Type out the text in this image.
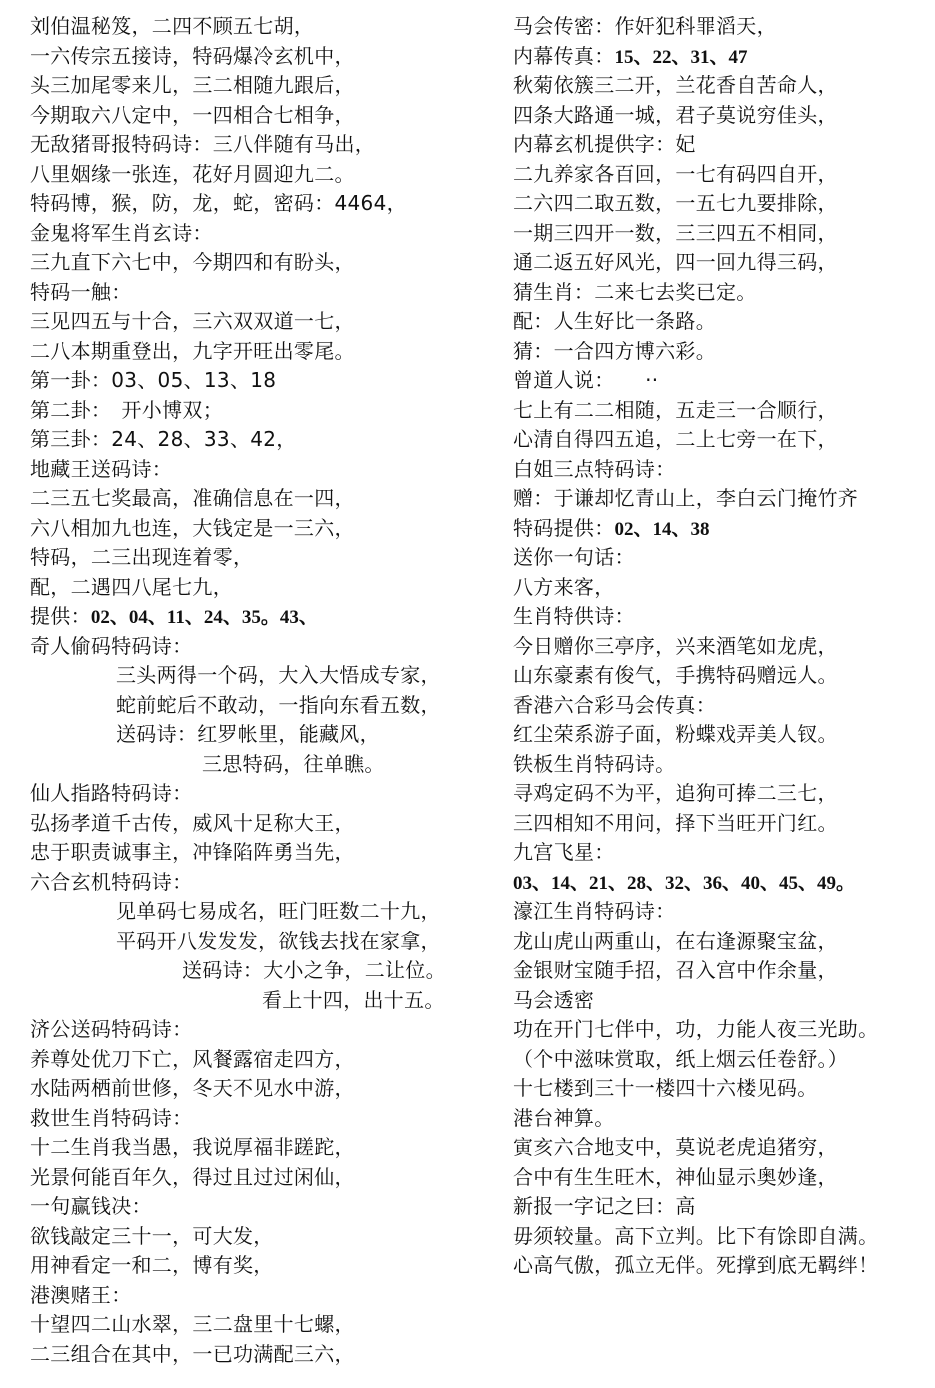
刘伯温秘笈，二四不顾五七胡，
一六传宗五接诗，特码爆冷玄机中，
头三加尾零来儿，三二相随九跟后，
今期取六八定中，一四相合七相争，
无敌猪哥报特码诗：三八伴随有马出，
八里姻缘一张连，花好月圆迎九二。
特码博，猴，防，龙，蛇，密码：4464，
金鬼将军生肖玄诗：
三九直下六七中，今期四和有盼头，
特码一触：
三见四五与十合，三六双双道一七，
二八本期重登出，九字开旺出零尾。
第一卦：03、05、13、18
第二卦：　开小博双；
第三卦：24、28、33、42，
地藏王送码诗：
二三五七奖最高，准确信息在一四，
六八相加九也连，大钱定是一三六，
特码，二三出现连着零，
配，二遇四八尾七九，
提供：02、04、11、24、35。43、
奇人偷码特码诗：
三头两得一个码，大入大悟成专家，
蛇前蛇后不敢动，一指向东看五数，
送码诗：红罗帐里，能藏风，
三思特码，往单瞧。
仙人指路特码诗：
弘扬孝道千古传，威风十足称大王，
忠于职责诚事主，冲锋陷阵勇当先，
六合玄机特码诗：
见单码七易成名，旺门旺数二十九，
平码开八发发发，欲钱去找在家拿，
送码诗：大小之争，二让位。
看上十四，出十五。
济公送码特码诗：
养尊处优刀下亡，风餐露宿走四方，
水陆两栖前世修，冬天不见水中游，
救世生肖特码诗：
十二生肖我当愚，我说厚福非蹉跎，
光景何能百年久，得过且过过闲仙，
一句赢钱决：
欲钱敲定三十一，可大发，
用神看定一和二，博有奖，
港澳赌王：
十望四二山水翠，三二盘里十七螺，
二三组合在其中，一已功满配三六，
马会传密：作奸犯科罪滔天，
内幕传真：15、22、31、47
秋菊依簇三二开，兰花香自苦命人，
四条大路通一城，君子莫说穷佳头，
内幕玄机提供字：妃
二九养家各百回，一七有码四自开，
二六四二取五数，一五七九要排除，
一期三四开一数，三三四五不相同，
通二返五好风光，四一回九得三码，
猜生肖：二来七去奖已定。
配：人生好比一条路。
猜：一合四方博六彩。
曾道人说：　　··
七上有二二相随，五走三一合顺行，
心清自得四五追，二上七旁一在下，
白姐三点特码诗：
赠：于谦却忆青山上，李白云门掩竹齐
特码提供：02、14、38
送你一句话：
八方来客，
生肖特供诗：
今日赠你三亭序，兴来酒笔如龙虎，
山东豪素有俊气，手携特码赠远人。
香港六合彩马会传真：
红尘荣系游子面，粉蝶戏弄美人钗。
铁板生肖特码诗。
寻鸡定码不为平，追狗可捧二三七，
三四相知不用问，择下当旺开门红。
九宫飞星：
03、14、21、28、32、36、40、45、49。
濠江生肖特码诗：
龙山虎山两重山，在右逢源聚宝盆，
金银财宝随手招，召入宫中作余量，
马会透密
功在开门七伴中，功，力能人夜三光助。
（个中滋味赏取，纸上烟云任卷舒。）
十七楼到三十一楼四十六楼见码。
港台神算。
寅亥六合地支中，莫说老虎追猪穷，
合中有生生旺木，神仙显示奥妙逢，
新报一字记之曰：高
毋须较量。高下立判。比下有馀即自满。
心高气傲，孤立无伴。死撑到底无羁绊！
